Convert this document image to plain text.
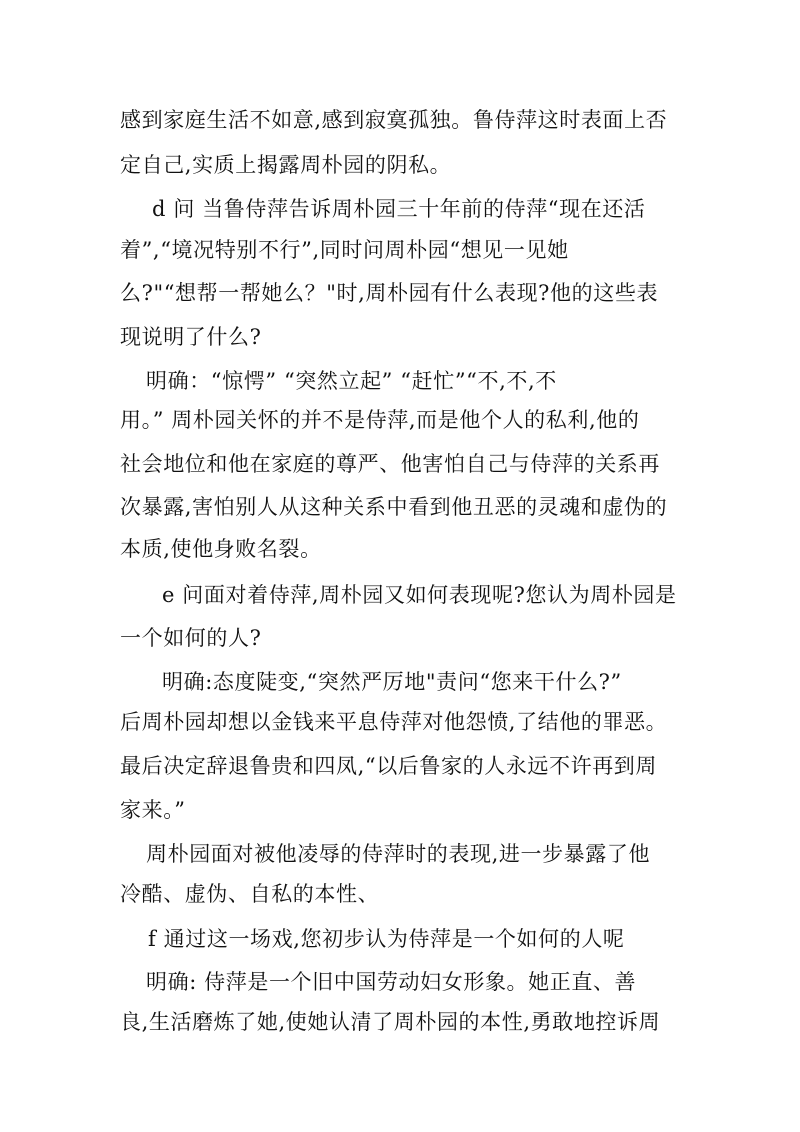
感到家庭生活不如意,感到寂寞孤独。鲁侍萍这时表面上否
定自己,实质上揭露周朴园的阴私。
d 问 当鲁侍萍告诉周朴园三十年前的侍萍“现在还活
着”,“境况特别不行”,同时问周朴园“想见一见她
么?"“想帮一帮她么？"时,周朴园有什么表现?他的这些表
现说明了什么?
明确：“惊愕” “突然立起” “赶忙”“不,不,不
用。” 周朴园关怀的并不是侍萍,而是他个人的私利,他的
社会地位和他在家庭的尊严、他害怕自己与侍萍的关系再
次暴露,害怕别人从这种关系中看到他丑恶的灵魂和虚伪的
本质,使他身败名裂。
e 问面对着侍萍,周朴园又如何表现呢?您认为周朴园是
一个如何的人?
明确:态度陡变,“突然严厉地"责问“您来干什么?”
后周朴园却想以金钱来平息侍萍对他怨愤,了结他的罪恶。
最后决定辞退鲁贵和四凤,“以后鲁家的人永远不许再到周
家来。”
周朴园面对被他凌辱的侍萍时的表现,进一步暴露了他
冷酷、虚伪、自私的本性、
f 通过这一场戏,您初步认为侍萍是一个如何的人呢
明确: 侍萍是一个旧中国劳动妇女形象。她正直、善
良,生活磨炼了她,使她认清了周朴园的本性,勇敢地控诉周
